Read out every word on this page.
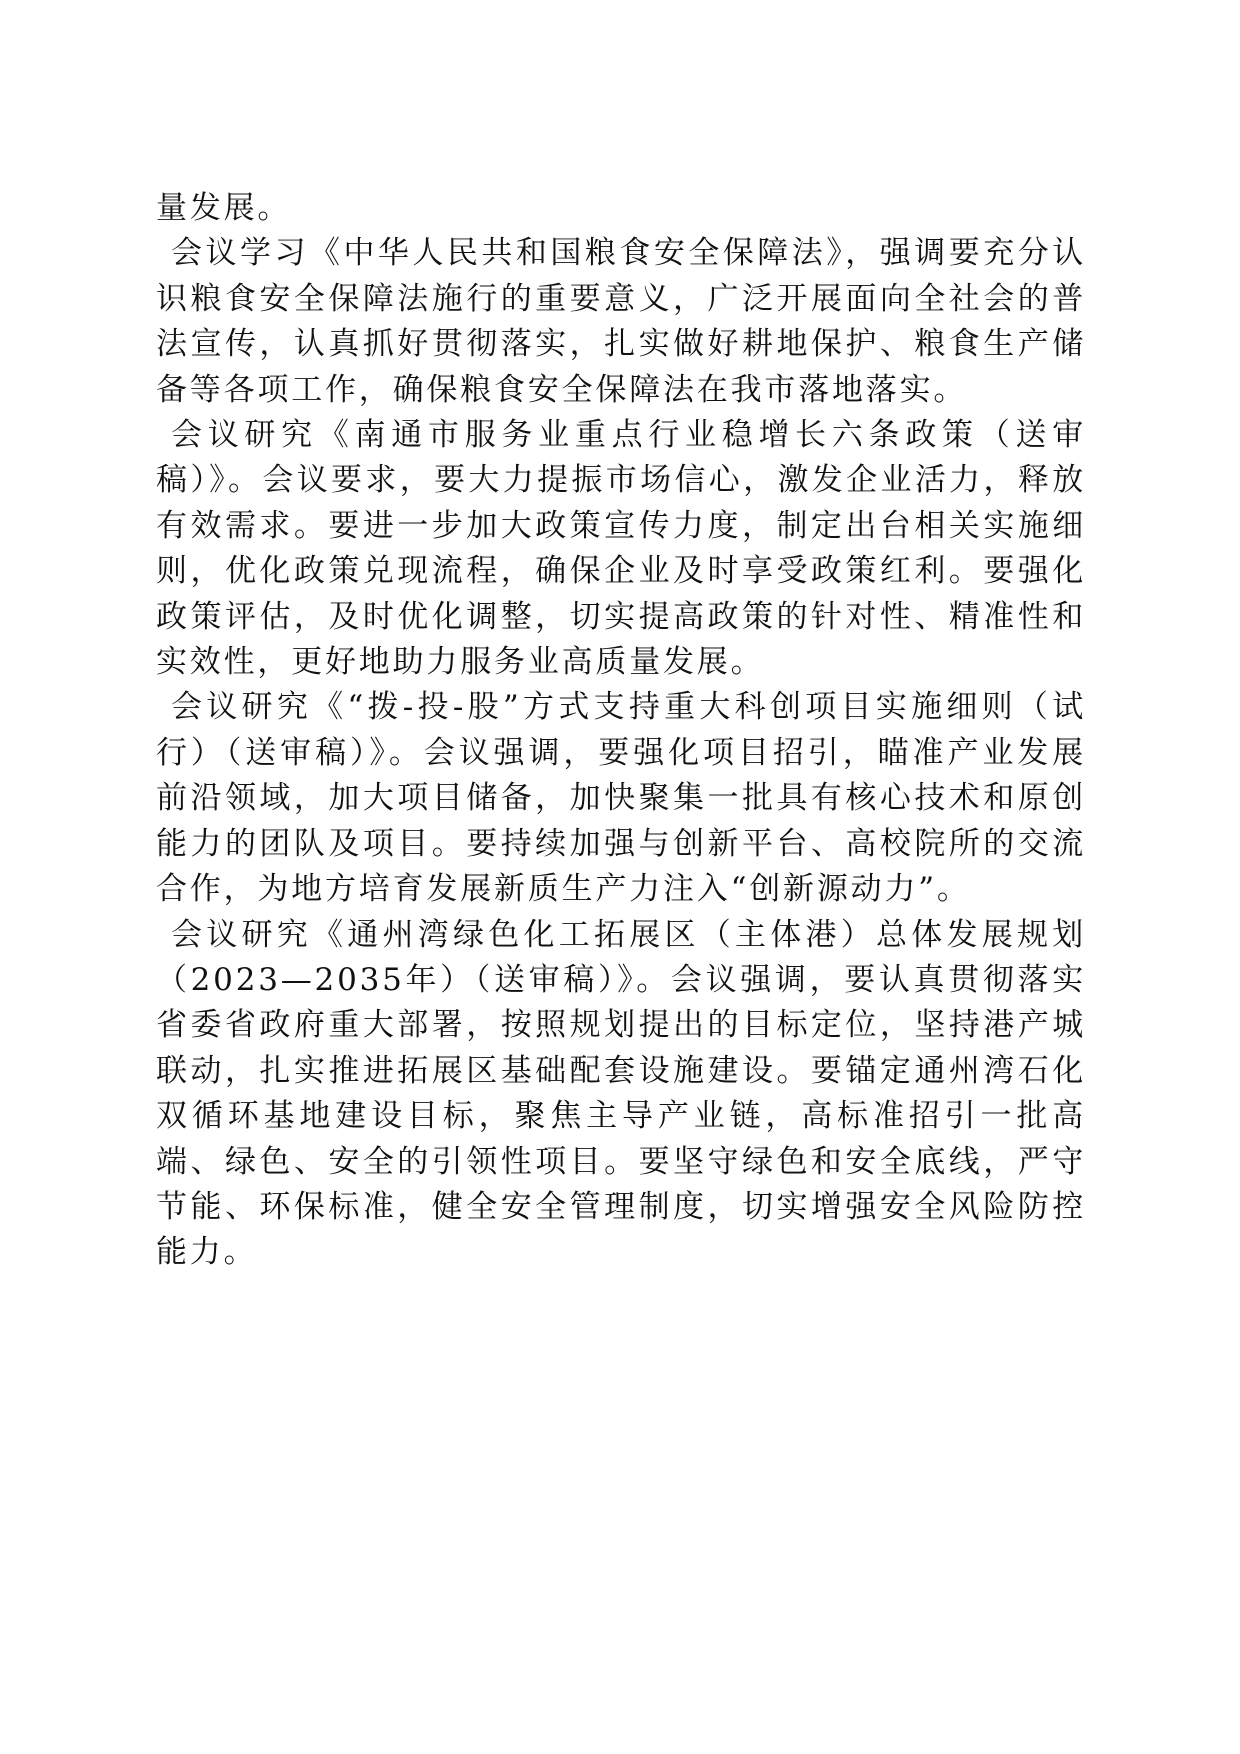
量发展。

会议学习《中华人民共和国粮食安全保障法》，强调要充分认识粮食安全保障法施行的重要意义，广泛开展面向全社会的普法宣传，认真抓好贯彻落实，扎实做好耕地保护、粮食生产储备等各项工作，确保粮食安全保障法在我市落地落实。

会议研究《南通市服务业重点行业稳增长六条政策（送审稿）》。会议要求，要大力提振市场信心，激发企业活力，释放有效需求。要进一步加大政策宣传力度，制定出台相关实施细则，优化政策兑现流程，确保企业及时享受政策红利。要强化政策评估，及时优化调整，切实提高政策的针对性、精准性和实效性，更好地助力服务业高质量发展。

会议研究《“拨-投-股”方式支持重大科创项目实施细则（试行）（送审稿）》。会议强调，要强化项目招引，瞄准产业发展前沿领域，加大项目储备，加快聚集一批具有核心技术和原创能力的团队及项目。要持续加强与创新平台、高校院所的交流合作，为地方培育发展新质生产力注入“创新源动力”。

会议研究《通州湾绿色化工拓展区（主体港）总体发展规划（2023—2035年）（送审稿）》。会议强调，要认真贯彻落实省委省政府重大部署，按照规划提出的目标定位，坚持港产城联动，扎实推进拓展区基础配套设施建设。要锚定通州湾石化双循环基地建设目标，聚焦主导产业链，高标准招引一批高端、绿色、安全的引领性项目。要坚守绿色和安全底线，严守节能、环保标准，健全安全管理制度，切实增强安全风险防控能力。
